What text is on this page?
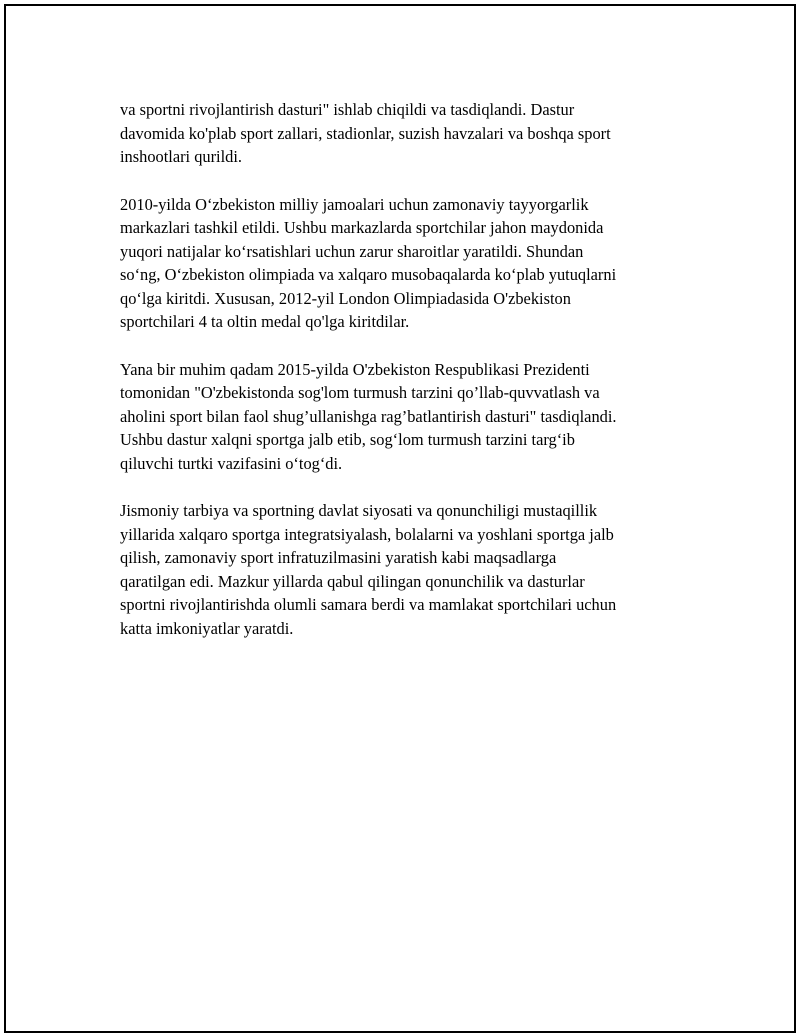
va sportni rivojlantirish dasturi" ishlab chiqildi va tasdiqlandi. Dastur
davomida ko'plab sport zallari, stadionlar, suzish havzalari va boshqa sport
inshootlari qurildi.

2010-yilda O‘zbekiston milliy jamoalari uchun zamonaviy tayyorgarlik
markazlari tashkil etildi. Ushbu markazlarda sportchilar jahon maydonida
yuqori natijalar ko‘rsatishlari uchun zarur sharoitlar yaratildi. Shundan
so‘ng, O‘zbekiston olimpiada va xalqaro musobaqalarda ko‘plab yutuqlarni
qo‘lga kiritdi. Xususan, 2012-yil London Olimpiadasida O'zbekiston
sportchilari 4 ta oltin medal qo'lga kiritdilar.

Yana bir muhim qadam 2015-yilda O'zbekiston Respublikasi Prezidenti
tomonidan "O'zbekistonda sog'lom turmush tarzini qo’llab-quvvatlash va
aholini sport bilan faol shug’ullanishga rag’batlantirish dasturi" tasdiqlandi.
Ushbu dastur xalqni sportga jalb etib, sog‘lom turmush tarzini targ‘ib
qiluvchi turtki vazifasini o‘tog‘di.

Jismoniy tarbiya va sportning davlat siyosati va qonunchiligi mustaqillik
yillarida xalqaro sportga integratsiyalash, bolalarni va yoshlani sportga jalb
qilish, zamonaviy sport infratuzilmasini yaratish kabi maqsadlarga
qaratilgan edi. Mazkur yillarda qabul qilingan qonunchilik va dasturlar
sportni rivojlantirishda olumli samara berdi va mamlakat sportchilari uchun
katta imkoniyatlar yaratdi.
